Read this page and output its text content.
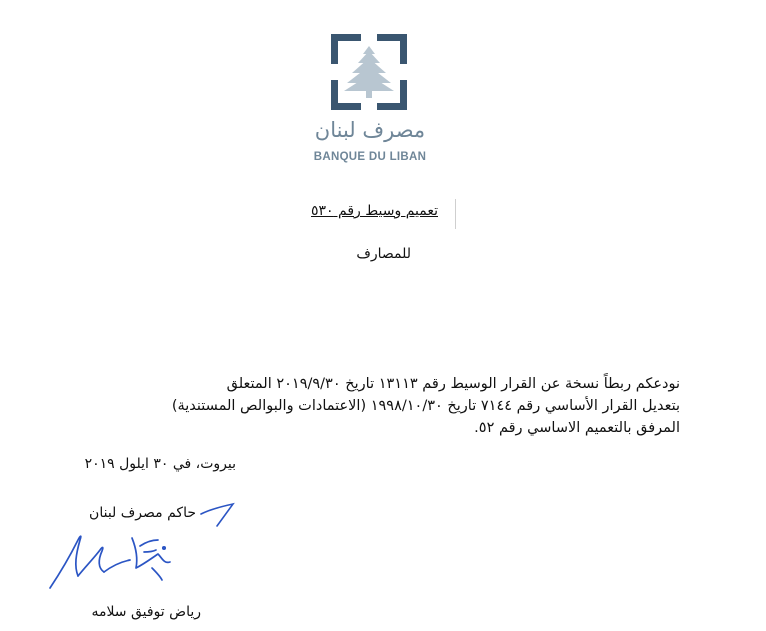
مصرف لبنان
BANQUE DU LIBAN
تعميم وسيط رقم ٥٣٠
للمصارف

نودعكم ربطاً نسخة عن القرار الوسيط رقم ١٣١١٣ تاريخ ٢٠١٩/٩/٣٠ المتعلق

بتعديل القرار الأساسي رقم ٧١٤٤ تاريخ ١٩٩٨/١٠/٣٠ (الاعتمادات والبوالص المستندية)

المرفق بالتعميم الاساسي رقم ٥٢.

بيروت، في ٣٠ ايلول ٢٠١٩
حاكم مصرف لبنان
رياض توفيق سلامه
